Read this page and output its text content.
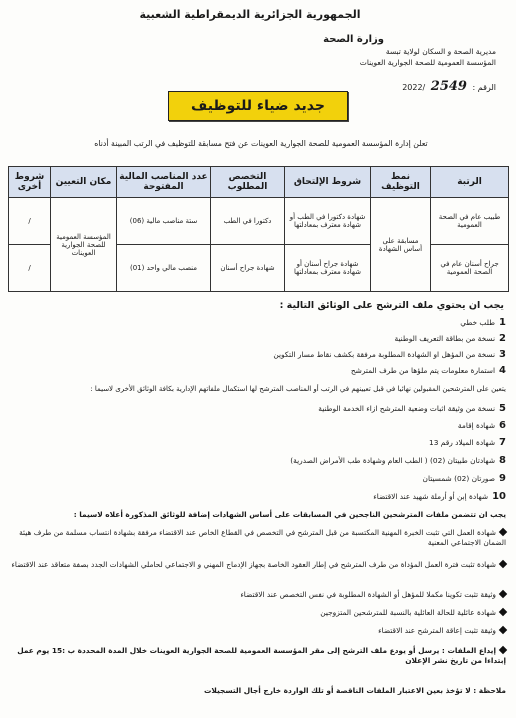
الجمهورية الجزائرية الديمقراطية الشعبية
وزارة الصحة
مديرية الصحة و السكان لولاية تبسة
المؤسسة العمومية للصحة الجوارية العوينات
الرقم : 2549 /2022
جديد ضياء للتوظيف
تعلن إدارة المؤسسة العمومية للصحة الجوارية العوينات عن فتح مسابقة للتوظيف في الرتب المبينة أدناه
الرتبة	نمط التوظيف	شروط الإلتحاق	التخصص المطلوب	عدد المناصب المالية المفتوحة	مكان التعيين	شروط أخرى
طبيب عام في الصحة العمومية	مسابقة على أساس الشهادة	شهادة دكتورا في الطب أو شهادة معترف بمعادلتها	دكتورا في الطب	ستة مناصب مالية (06)	المؤسسة العمومية للصحة الجوارية العوينات	/
جراح أسنان عام في الصحة العمومية		شهادة جراح أسنان أو شهادة معترف بمعادلتها	شهادة جراح أسنان	منصب مالي واحد (01)		/
يجب ان يحتوي ملف الترشح على الوثائق التالية :
1طلب خطي
2نسخة من بطاقة التعريف الوطنية
3نسخة من المؤهل او الشهادة المطلوبة مرفقة بكشف نقاط مسار التكوين
4استمارة معلومات يتم ملؤها من طرف المترشح
يتعين على المترشحين المقبولين نهائيا في قبل تعيينهم في الرتب أو المناصب المترشح لها استكمال ملفاتهم الإدارية بكافة الوثائق الأخرى لاسيما :
5نسخة من وثيقة اثبات وضعية المترشح ازاء الخدمة الوطنية
6شهادة إقامة
7شهادة الميلاد رقم 13
8شهادتان طبيتان (02) ( الطب العام وشهادة طب الأمراض الصدرية)
9صورتان (02) شمسيتان
10شهادة إبن أو أرملة شهيد عند الاقتضاء
يجب ان تتضمن ملفات المترشحين الناجحين في المسابقات على أساس الشهادات إضافة للوثائق المذكورة أعلاه لاسيما :
شهادة العمل التي تثبت الخبرة المهنية المكتسبة من قبل المترشح في التخصص في القطاع الخاص عند الاقتضاء مرفقة بشهادة انتساب مسلمة من طرف هيئة الضمان الاجتماعي المعنية
شهادة تثبت فترة العمل المؤداة من طرف المترشح في إطار العقود الخاصة بجهاز الإدماج المهني و الاجتماعي لحاملي الشهادات الجدد بصفة متعاقد عند الاقتضاء
وثيقة تثبت تكوينا مكملا للمؤهل أو الشهادة المطلوبة في نفس التخصص عند الاقتضاء
شهادة عائلية للحالة العائلية بالنسبة للمترشحين المتزوجين
وثيقة تثبت إعاقة المترشح عند الاقتضاء
إيداع الملفات : يرسل أو يودع ملف الترشح إلى مقر المؤسسة العمومية للصحة الجوارية العوينات خلال المدة المحددة ب :15 يوم عمل إبتداءا من تاريخ نشر الإعلان
ملاحظة : لا تؤخذ بعين الاعتبار الملفات الناقصة أو تلك الواردة خارج أجال التسجيلات
